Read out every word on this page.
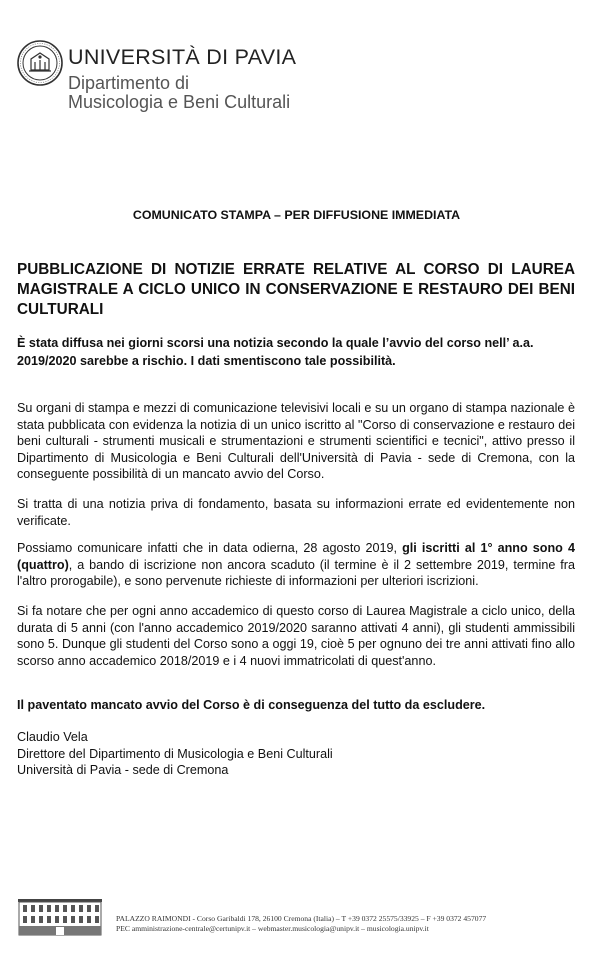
UNIVERSITÀ DI PAVIA
Dipartimento di
Musicologia e Beni Culturali
COMUNICATO STAMPA – PER DIFFUSIONE IMMEDIATA
PUBBLICAZIONE DI NOTIZIE ERRATE RELATIVE AL CORSO DI LAUREA MAGISTRALE A CICLO UNICO IN CONSERVAZIONE E RESTAURO DEI BENI CULTURALI
È stata diffusa nei giorni scorsi una notizia secondo la quale l’avvio del corso nell’ a.a. 2019/2020 sarebbe a rischio. I dati smentiscono tale possibilità.
Su organi di stampa e mezzi di comunicazione televisivi locali e su un organo di stampa nazionale è stata pubblicata con evidenza la notizia di un unico iscritto al "Corso di conservazione e restauro dei beni culturali - strumenti musicali e strumentazioni e strumenti scientifici e tecnici", attivo presso il Dipartimento di Musicologia e Beni Culturali dell'Università di Pavia - sede di Cremona, con la conseguente possibilità di un mancato avvio del Corso.
Si tratta di una notizia priva di fondamento, basata su informazioni errate ed evidentemente non verificate.
Possiamo comunicare infatti che in data odierna, 28 agosto 2019, gli iscritti al 1° anno sono 4 (quattro), a bando di iscrizione non ancora scaduto (il termine è il 2 settembre 2019, termine fra l'altro prorogabile), e sono pervenute richieste di informazioni per ulteriori iscrizioni.
Si fa notare che per ogni anno accademico di questo corso di Laurea Magistrale a ciclo unico, della durata di 5 anni (con l'anno accademico 2019/2020 saranno attivati 4 anni), gli studenti ammissibili sono 5. Dunque gli studenti del Corso sono a oggi 19, cioè 5 per ognuno dei tre anni attivati fino allo scorso anno accademico 2018/2019 e i 4 nuovi immatricolati di quest'anno.
Il paventato mancato avvio del Corso è di conseguenza del tutto da escludere.
Claudio Vela
Direttore del Dipartimento di Musicologia e Beni Culturali
Università di Pavia - sede di Cremona
PALAZZO RAIMONDI - Corso Garibaldi 178, 26100 Cremona (Italia) – T +39 0372 25575/33925 – F +39 0372 457077
PEC amministrazione-centrale@certunipv.it – webmaster.musicologia@unipv.it – musicologia.unipv.it
